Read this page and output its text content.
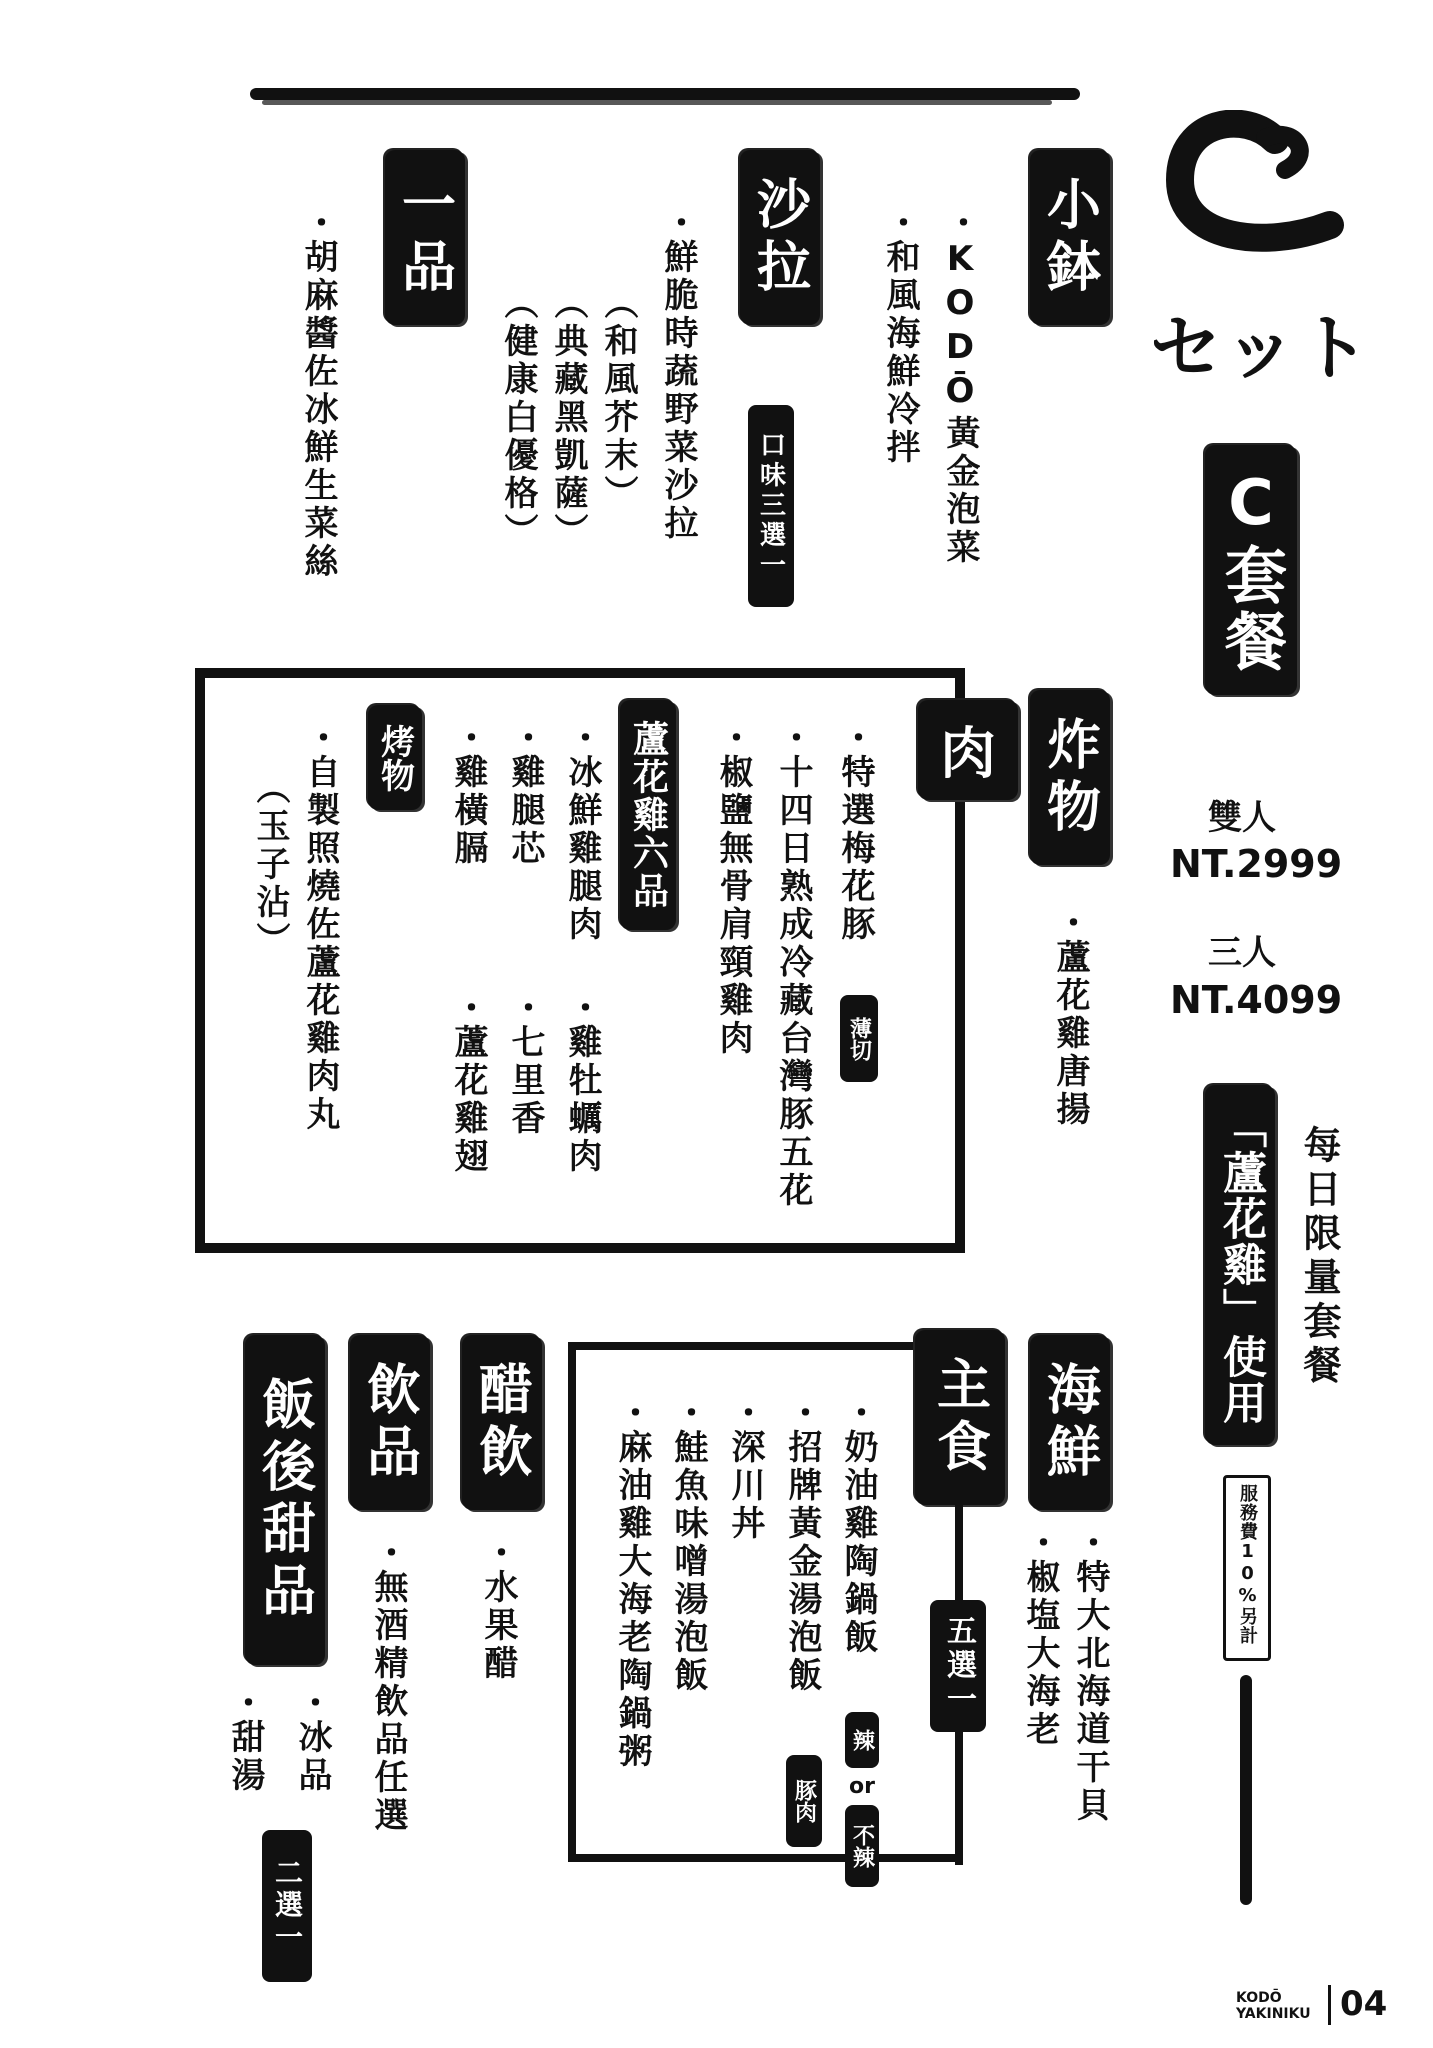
セット
C套餐
雙人
NT.2999
三人
NT.4099
「蘆花雞」使用 每日限量套餐
服務費10%另計
小鉢
・KODŌ黃金泡菜
・和風海鮮冷拌
沙拉
・鮮脆時蔬野菜沙拉 口味三選一
（和風芥末）
（典藏黑凱薩）
（健康白優格）
一品
・胡麻醬佐冰鮮生菜絲
炸物
・蘆花雞唐揚
肉
・特選梅花豚
薄切
・十四日熟成冷藏台灣豚五花
・椒鹽無骨肩頸雞肉
蘆花雞六品
・冰鮮雞腿肉
・雞牡蠣肉
・雞腿芯
・七里香
・雞橫膈
・蘆花雞翅
烤物
・自製照燒佐蘆花雞肉丸
（玉子沾）
海鮮
・特大北海道干貝
・椒塩大海老
主食
五選一
・奶油雞陶鍋飯
辣
or
不辣
・招牌黃金湯泡飯
豚肉
・深川丼
・鮭魚味噌湯泡飯
・麻油雞大海老陶鍋粥
醋飲
・水果醋
飲品
・無酒精飲品任選
飯後甜品
・冰品
・甜湯
二選一
KODŌ
YAKINIKU 04
